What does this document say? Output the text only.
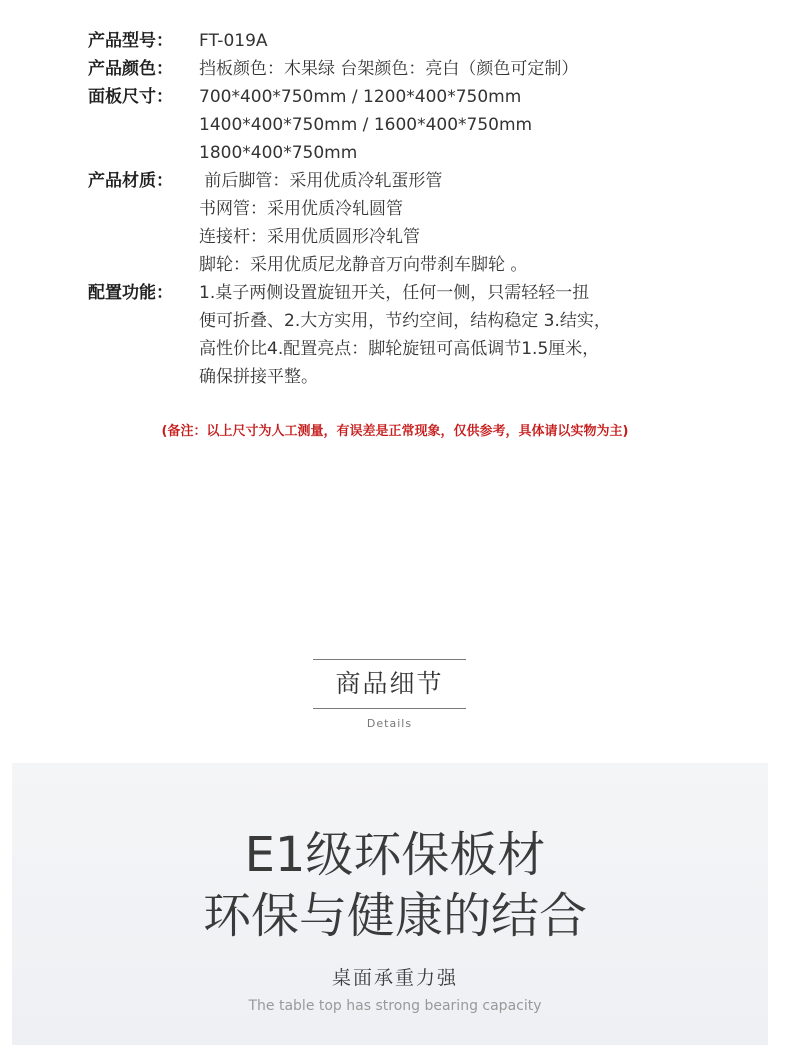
产品型号：	FT-019A
产品颜色：	挡板颜色：木果绿 台架颜色：亮白（颜色可定制）
面板尺寸：	700*400*750mm / 1200*400*750mm
1400*400*750mm / 1600*400*750mm
1800*400*750mm
产品材质：	前后脚管：采用优质冷轧蛋形管
书网管：采用优质冷轧圆管
连接杆：采用优质圆形冷轧管
脚轮：采用优质尼龙静音万向带刹车脚轮 。
配置功能：	1.桌子两侧设置旋钮开关，任何一侧，只需轻轻一扭
便可折叠、2.大方实用，节约空间，结构稳定 3.结实，
高性价比4.配置亮点：脚轮旋钮可高低调节1.5厘米，
确保拼接平整。
(备注：以上尺寸为人工测量，有误差是正常现象，仅供参考，具体请以实物为主)
商品细节
Details
E1级环保板材
环保与健康的结合
桌面承重力强
The table top has strong bearing capacity
